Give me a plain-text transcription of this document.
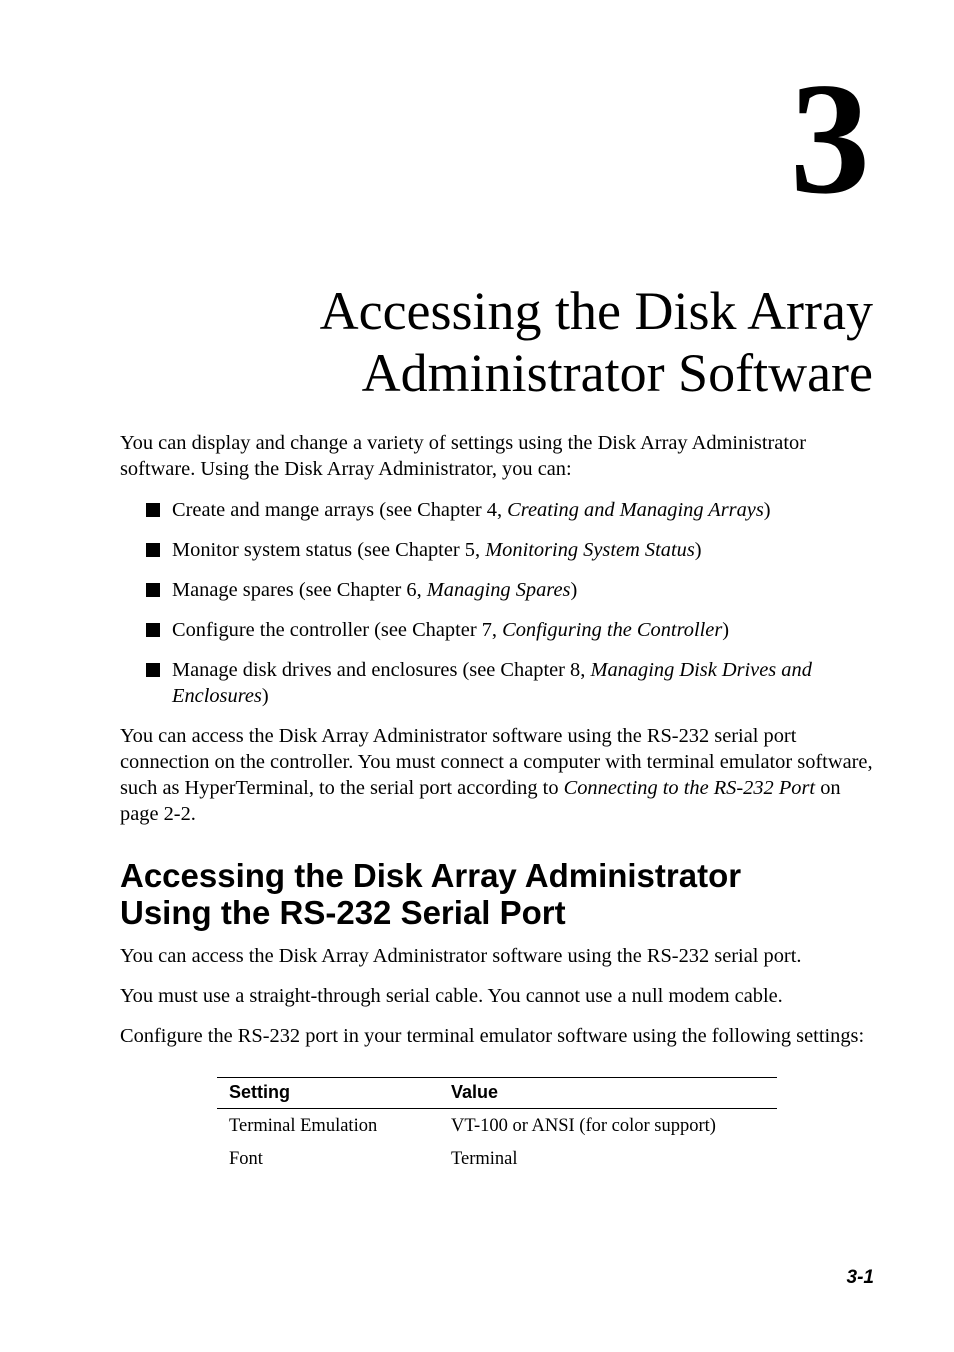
3
Accessing the Disk Array
Administrator Software

You can display and change a variety of settings using the Disk Array Administrator software. Using the Disk Array Administrator, you can:

Create and mange arrays (see Chapter 4, Creating and Managing Arrays)
Monitor system status (see Chapter 5, Monitoring System Status)
Manage spares (see Chapter 6, Managing Spares)
Configure the controller (see Chapter 7, Configuring the Controller)
Manage disk drives and enclosures (see Chapter 8, Managing Disk Drives and Enclosures)

You can access the Disk Array Administrator software using the RS-232 serial port connection on the controller. You must connect a computer with terminal emulator software, such as HyperTerminal, to the serial port according to Connecting to the RS-232 Port on page 2-2.

Accessing the Disk Array Administrator
Using the RS-232 Serial Port

You can access the Disk Array Administrator software using the RS-232 serial port.

You must use a straight-through serial cable. You cannot use a null modem cable.

Configure the RS-232 port in your terminal emulator software using the following settings:

Setting	Value
Terminal Emulation	VT-100 or ANSI (for color support)
Font	Terminal
3-1
